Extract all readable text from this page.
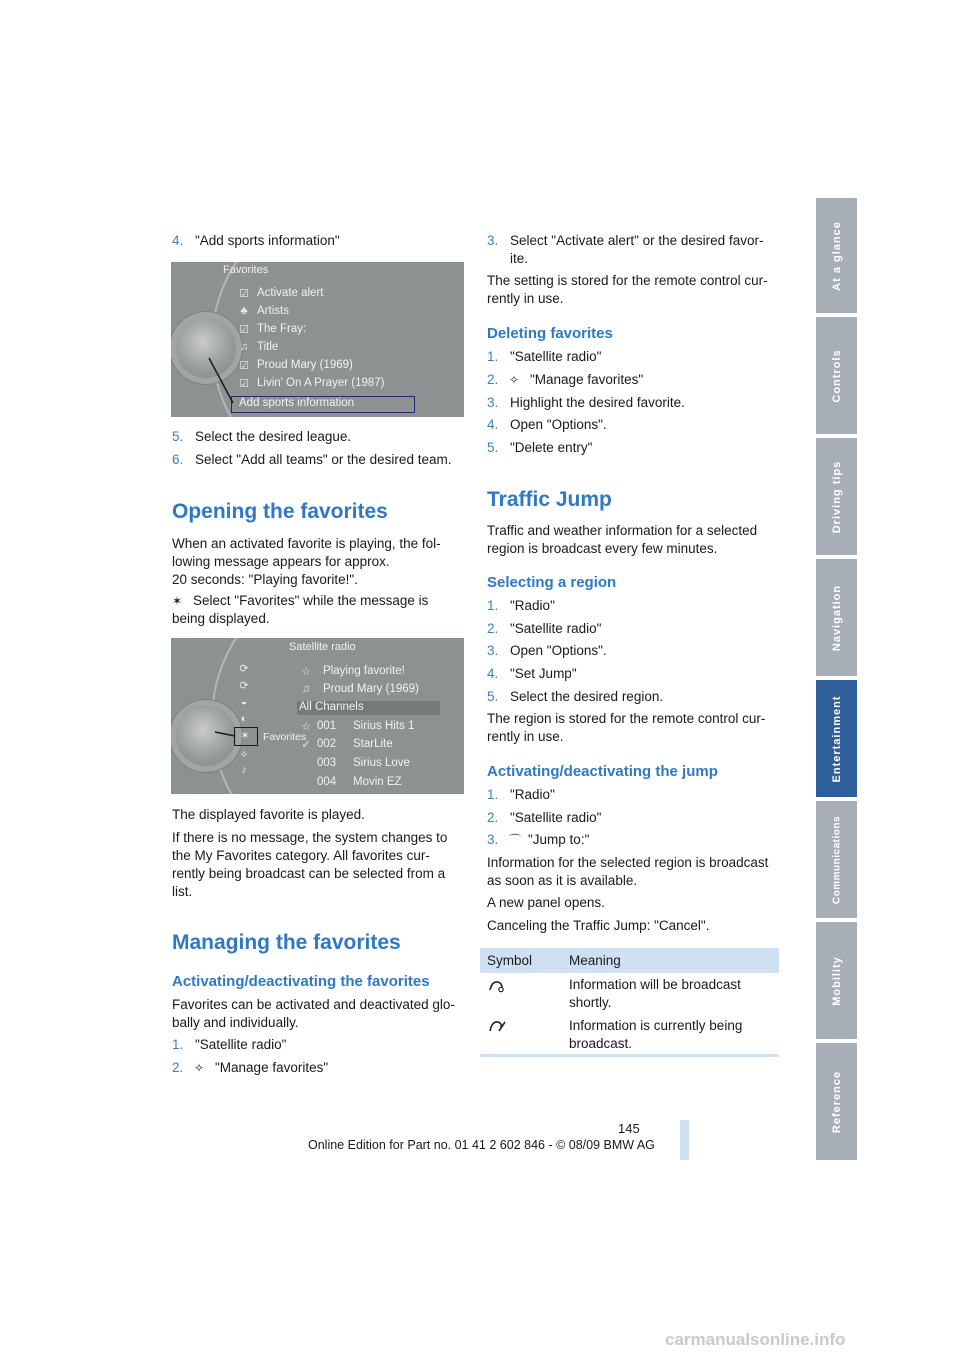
At a glance
Controls
Driving tips
Navigation
Entertainment
Communications
Mobility
Reference
4. "Add sports information"
Favorites
☑ Activate alert
♣ Artists
☑ The Fray:
♫ Title
☑ Proud Mary (1969)
☑ Livin' On A Prayer (1987)
Add sports information
5. Select the desired league.
6. Select "Add all teams" or the desired team.
Opening the favorites
When an activated favorite is playing, the fol-
lowing message appears for approx.
20 seconds: "Playing favorite!".
✶ Select "Favorites" while the message is
being displayed.
Satellite radio
⟳
⟳
◒
◐
✶ Favorites
✧
♪
☆ Playing favorite!
♫ Proud Mary (1969)
All Channels
☆ 001 Sirius Hits 1
✓ 002 StarLite
003 Sirius Love
004 Movin EZ
The displayed favorite is played.
If there is no message, the system changes to
the My Favorites category. All favorites cur-
rently being broadcast can be selected from a
list.
Managing the favorites
Activating/deactivating the favorites
Favorites can be activated and deactivated glo-
bally and individually.
1. "Satellite radio"
2. ✧ "Manage favorites"
3. Select "Activate alert" or the desired favor-
ite.
The setting is stored for the remote control cur-
rently in use.
Deleting favorites
1. "Satellite radio"
2. ✧ "Manage favorites"
3. Highlight the desired favorite.
4. Open "Options".
5. "Delete entry"
Traffic Jump
Traffic and weather information for a selected
region is broadcast every few minutes.
Selecting a region
1. "Radio"
2. "Satellite radio"
3. Open "Options".
4. "Set Jump"
5. Select the desired region.
The region is stored for the remote control cur-
rently in use.
Activating/deactivating the jump
1. "Radio"
2. "Satellite radio"
3. ⌒ "Jump to:"
Information for the selected region is broadcast
as soon as it is available.
A new panel opens.
Canceling the Traffic Jump: "Cancel".
Symbol	Meaning
Information will be broadcast
shortly.
Information is currently being
broadcast.
145
Online Edition for Part no. 01 41 2 602 846 - © 08/09 BMW AG
carmanualsonline.info
